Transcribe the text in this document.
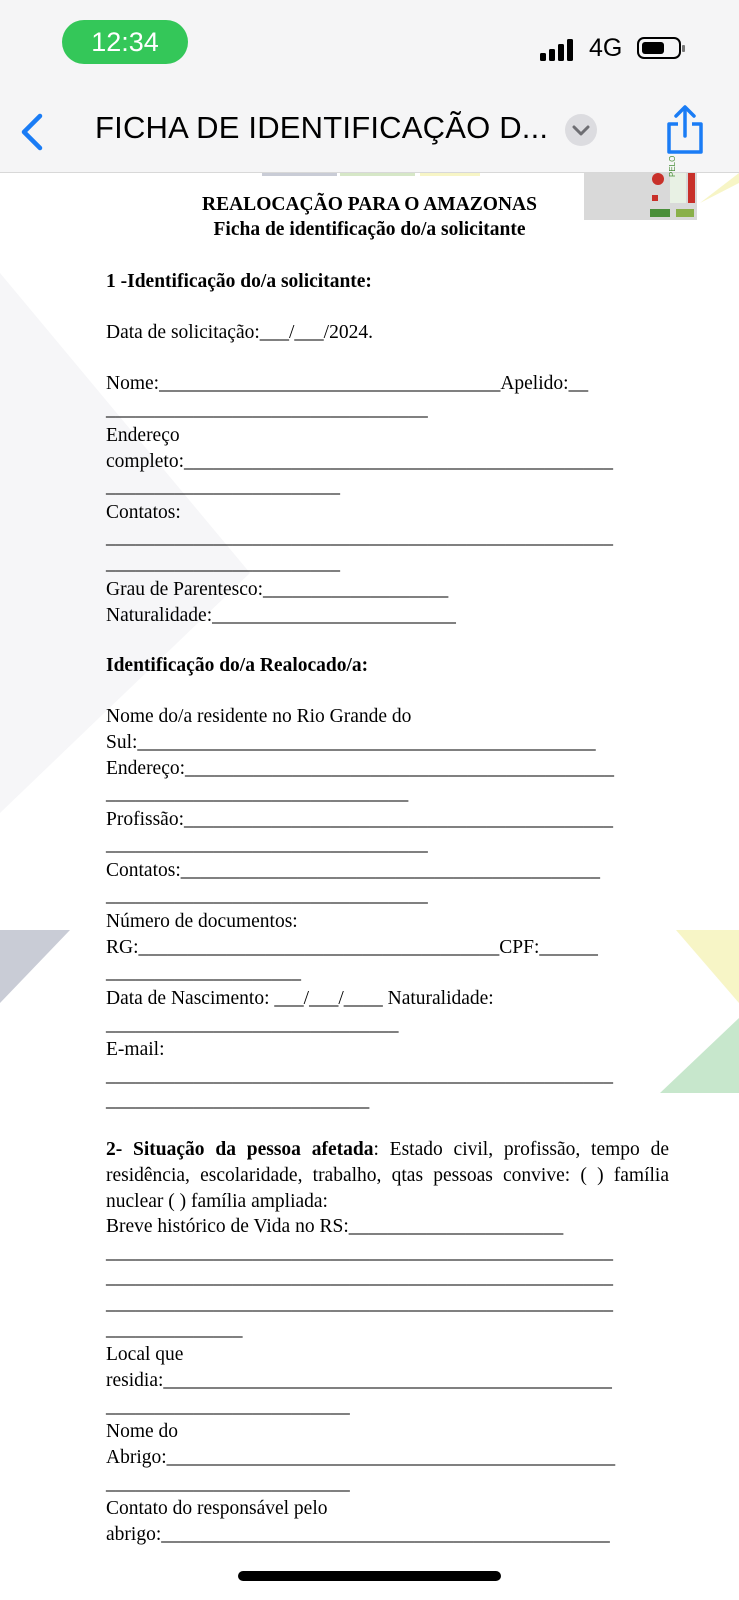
12:34	4G
FICHA DE IDENTIFICAÇÃO D...
PELO
REALOCAÇÃO PARA O AMAZONAS
Ficha de identificação do/a solicitante
1 -Identificação do/a solicitante:
Data de solicitação:___/___/2024.
Nome:___________________________________Apelido:__
_________________________________
Endereço
completo:____________________________________________
________________________
Contatos:
____________________________________________________
________________________
Grau de Parentesco:___________________
Naturalidade:_________________________
Identificação do/a Realocado/a:
Nome do/a residente no Rio Grande do
Sul:_______________________________________________
Endereço:____________________________________________
_______________________________
Profissão:____________________________________________
_________________________________
Contatos:___________________________________________
_________________________________
Número de documentos:
RG:_____________________________________CPF:______
____________________
Data de Nascimento: ___/___/____ Naturalidade:
______________________________
E-mail:
____________________________________________________
___________________________
2- Situação da pessoa afetada: Estado civil, profissão, tempo de residência, escolaridade, trabalho, qtas pessoas convive: ( ) família nuclear ( ) família ampliada:
Breve histórico de Vida no RS:______________________
____________________________________________________
____________________________________________________
____________________________________________________
______________
Local que
residia:______________________________________________
_________________________
Nome do
Abrigo:______________________________________________
_________________________
Contato do responsável pelo
abrigo:______________________________________________
